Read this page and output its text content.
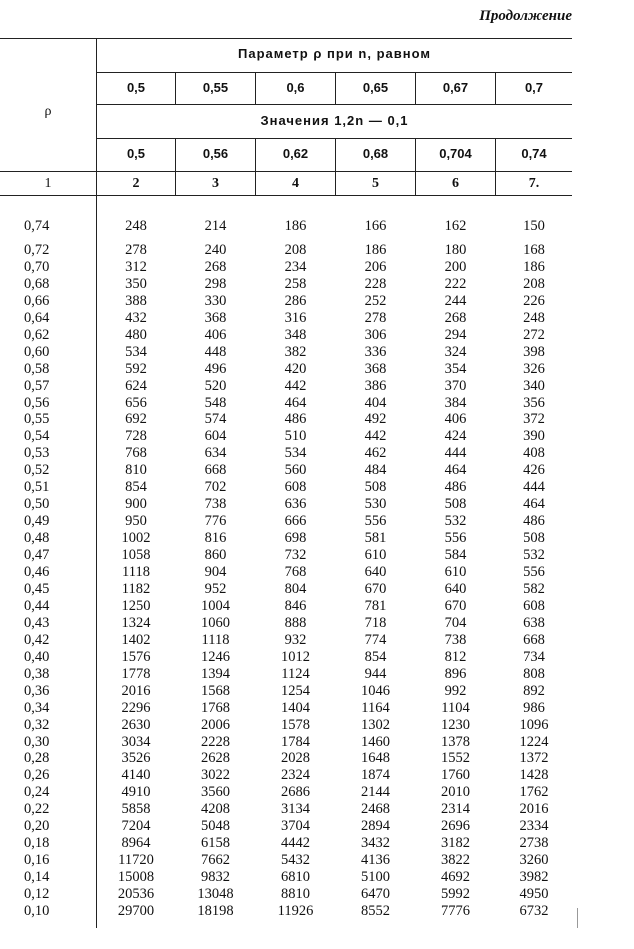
Продолжение
ρ
Параметр ρ при n, равном
Значения 1,2n — 0,1
0,5	0,55	0,6	0,65	0,67	0,7
0,5	0,56	0,62	0,68	0,704	0,74
1	2	3	4	5	6	7.
0,74	248	214	186	166	162	150
0,72	278	240	208	186	180	168
0,70	312	268	234	206	200	186
0,68	350	298	258	228	222	208
0,66	388	330	286	252	244	226
0,64	432	368	316	278	268	248
0,62	480	406	348	306	294	272
0,60	534	448	382	336	324	398
0,58	592	496	420	368	354	326
0,57	624	520	442	386	370	340
0,56	656	548	464	404	384	356
0,55	692	574	486	492	406	372
0,54	728	604	510	442	424	390
0,53	768	634	534	462	444	408
0,52	810	668	560	484	464	426
0,51	854	702	608	508	486	444
0,50	900	738	636	530	508	464
0,49	950	776	666	556	532	486
0,48	1002	816	698	581	556	508
0,47	1058	860	732	610	584	532
0,46	1118	904	768	640	610	556
0,45	1182	952	804	670	640	582
0,44	1250	1004	846	781	670	608
0,43	1324	1060	888	718	704	638
0,42	1402	1118	932	774	738	668
0,40	1576	1246	1012	854	812	734
0,38	1778	1394	1124	944	896	808
0,36	2016	1568	1254	1046	992	892
0,34	2296	1768	1404	1164	1104	986
0,32	2630	2006	1578	1302	1230	1096
0,30	3034	2228	1784	1460	1378	1224
0,28	3526	2628	2028	1648	1552	1372
0,26	4140	3022	2324	1874	1760	1428
0,24	4910	3560	2686	2144	2010	1762
0,22	5858	4208	3134	2468	2314	2016
0,20	7204	5048	3704	2894	2696	2334
0,18	8964	6158	4442	3432	3182	2738
0,16	11720	7662	5432	4136	3822	3260
0,14	15008	9832	6810	5100	4692	3982
0,12	20536	13048	8810	6470	5992	4950
0,10	29700	18198	11926	8552	7776	6732
